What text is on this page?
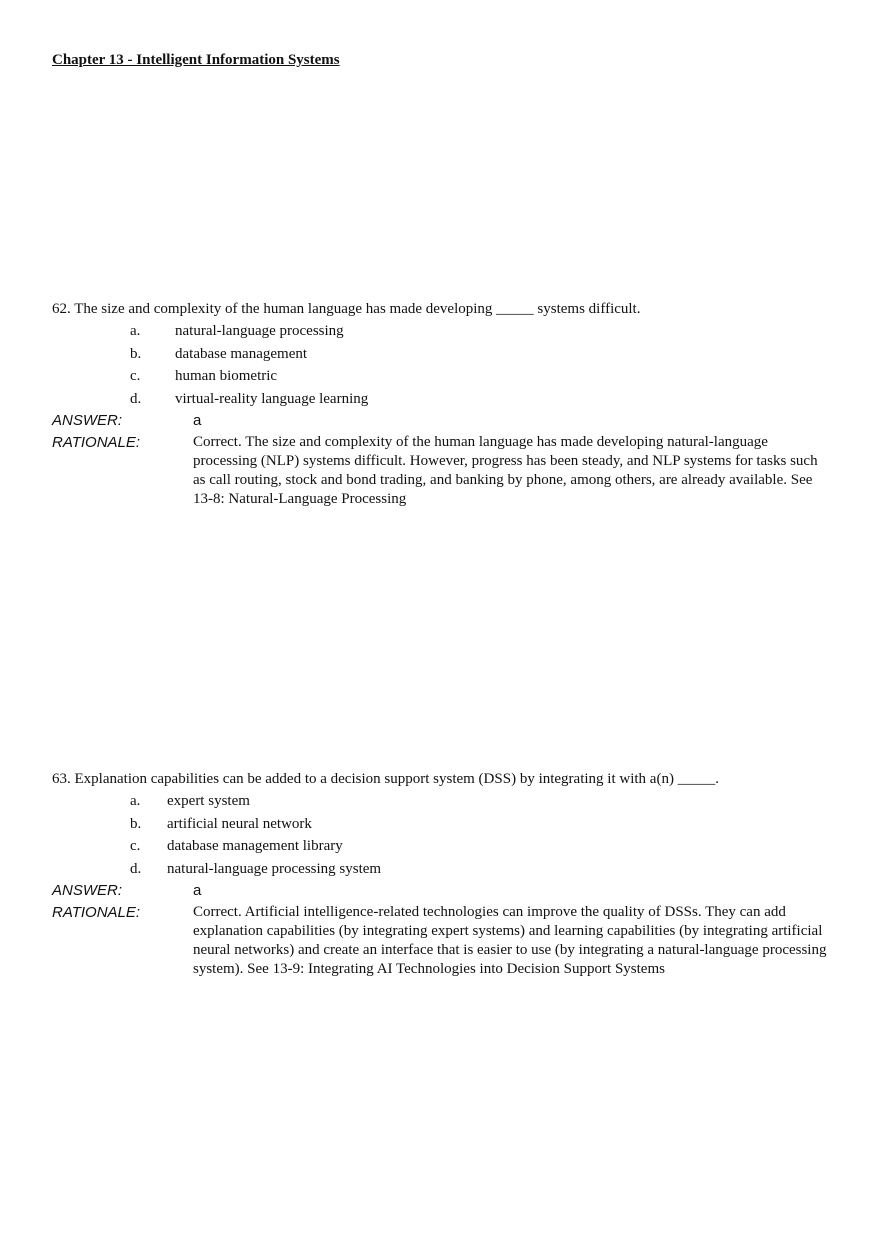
Chapter 13 - Intelligent Information Systems
62. The size and complexity of the human language has made developing _____ systems difficult.
a. natural-language processing
b. database management
c. human biometric
d. virtual-reality language learning
ANSWER:	a
RATIONALE:	Correct. The size and complexity of the human language has made developing natural-language processing (NLP) systems difficult. However, progress has been steady, and NLP systems for tasks such as call routing, stock and bond trading, and banking by phone, among others, are already available. See 13-8: Natural-Language Processing
63. Explanation capabilities can be added to a decision support system (DSS) by integrating it with a(n) _____.
a. expert system
b. artificial neural network
c. database management library
d. natural-language processing system
ANSWER:	a
RATIONALE:	Correct. Artificial intelligence-related technologies can improve the quality of DSSs. They can add explanation capabilities (by integrating expert systems) and learning capabilities (by integrating artificial neural networks) and create an interface that is easier to use (by integrating a natural-language processing system). See 13-9: Integrating AI Technologies into Decision Support Systems
